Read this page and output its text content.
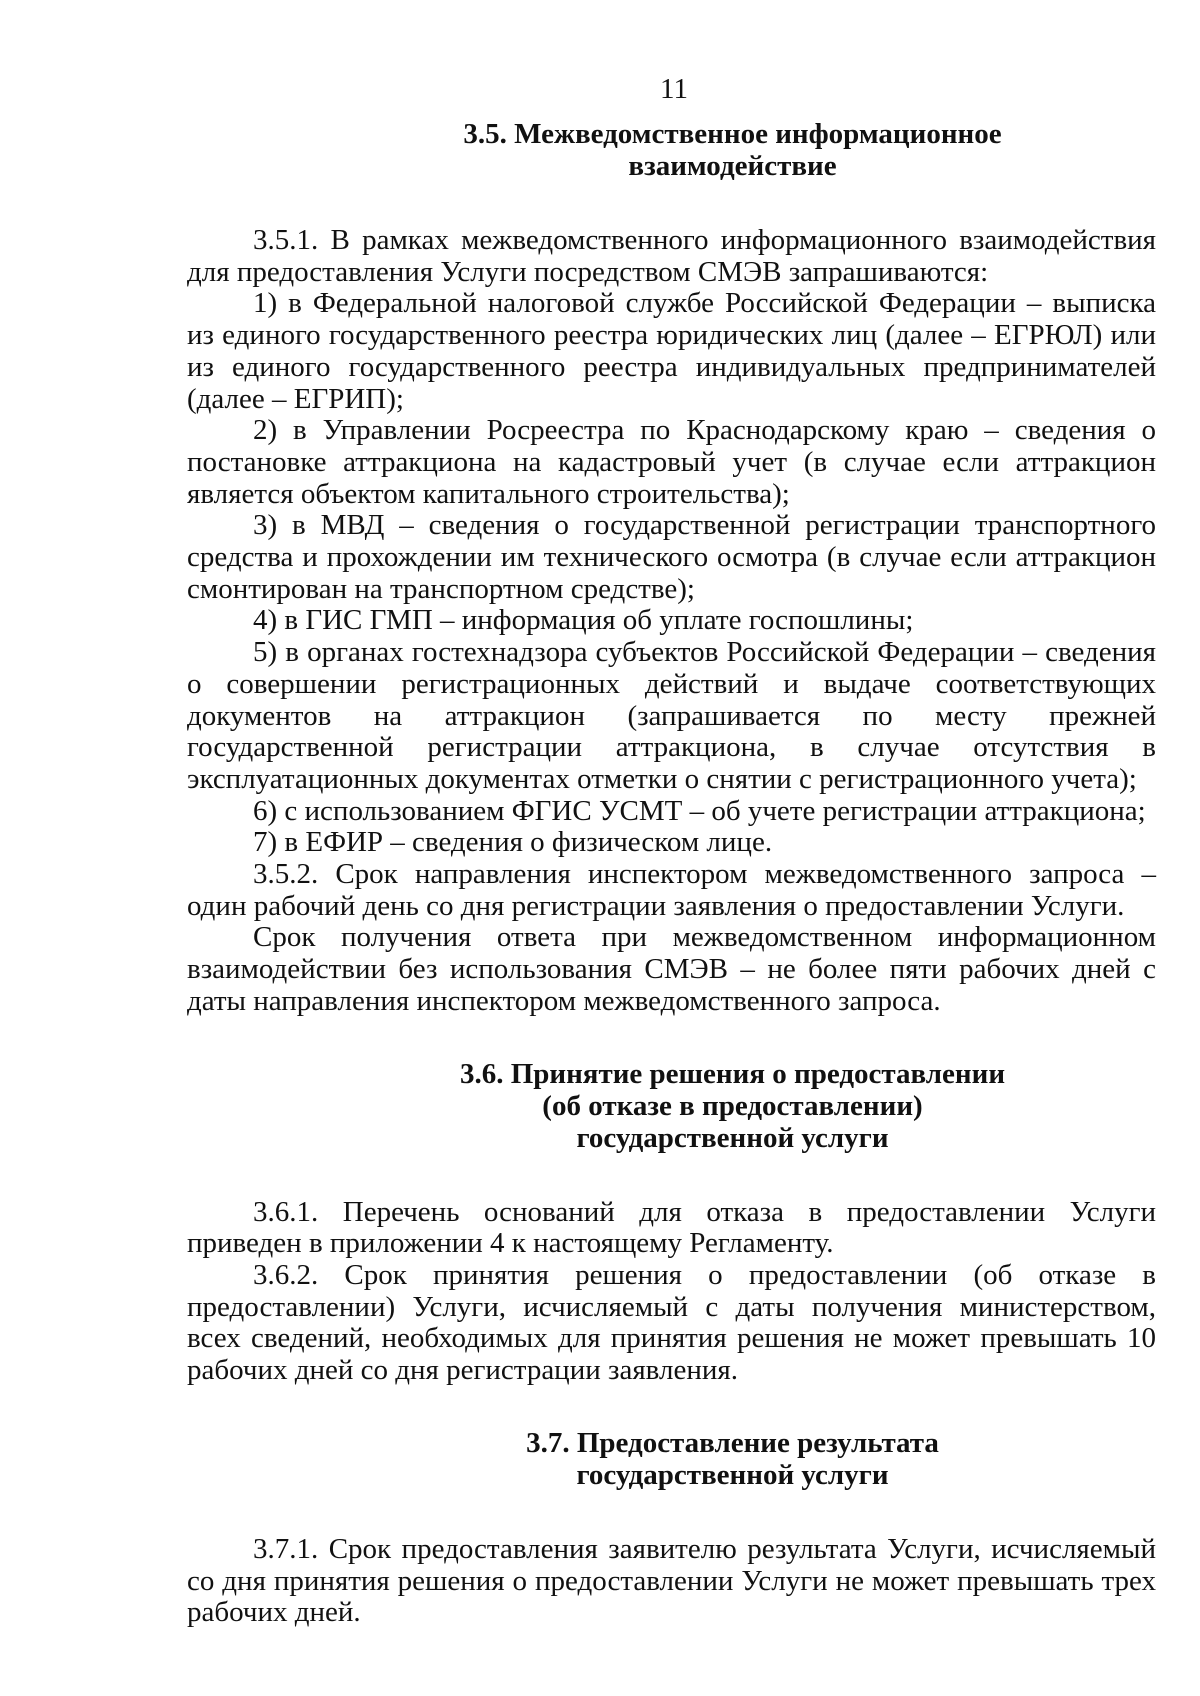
11
3.5. Межведомственное информационное
взаимодействие

3.5.1. В рамках межведомственного информационного взаимодействия для предоставления Услуги посредством СМЭВ запрашиваются:

1) в Федеральной налоговой службе Российской Федерации – выписка из единого государственного реестра юридических лиц (далее – ЕГРЮЛ) или из единого государственного реестра индивидуальных предпринимателей (далее – ЕГРИП);

2) в Управлении Росреестра по Краснодарскому краю – сведения о постановке аттракциона на кадастровый учет (в случае если аттракцион является объектом капитального строительства);

3) в МВД – сведения о государственной регистрации транспортного средства и прохождении им технического осмотра (в случае если аттракцион смонтирован на транспортном средстве);

4) в ГИС ГМП – информация об уплате госпошлины;

5) в органах гостехнадзора субъектов Российской Федерации – сведения о совершении регистрационных действий и выдаче соответствующих документов на аттракцион (запрашивается по месту прежней государственной регистрации аттракциона, в случае отсутствия в эксплуатационных документах отметки о снятии с регистрационного учета);

6) с использованием ФГИС УСМТ – об учете регистрации аттракциона;

7) в ЕФИР – сведения о физическом лице.

3.5.2. Срок направления инспектором межведомственного запроса – один рабочий день со дня регистрации заявления о предоставлении Услуги.

Срок получения ответа при межведомственном информационном взаимодействии без использования СМЭВ – не более пяти рабочих дней с даты направления инспектором межведомственного запроса.

3.6. Принятие решения о предоставлении
(об отказе в предоставлении)
государственной услуги

3.6.1. Перечень оснований для отказа в предоставлении Услуги приведен в приложении 4 к настоящему Регламенту.

3.6.2. Срок принятия решения о предоставлении (об отказе в предоставлении) Услуги, исчисляемый с даты получения министерством, всех сведений, необходимых для принятия решения не может превышать 10 рабочих дней со дня регистрации заявления.

3.7. Предоставление результата
государственной услуги

3.7.1. Срок предоставления заявителю результата Услуги, исчисляемый со дня принятия решения о предоставлении Услуги не может превышать трех рабочих дней.
